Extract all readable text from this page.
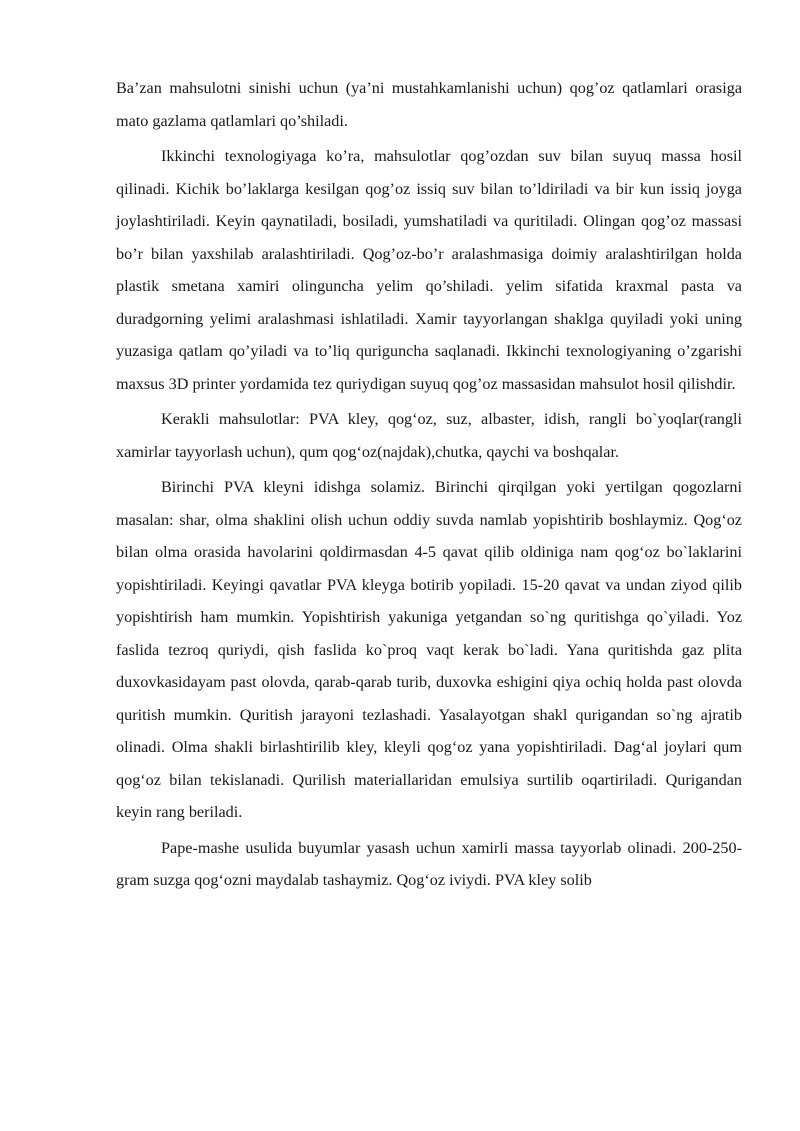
Ba’zan mahsulotni sinishi uchun (ya’ni mustahkamlanishi uchun) qog’oz qatlamlari orasiga mato gazlama qatlamlari qo’shiladi.

Ikkinchi texnologiyaga ko’ra, mahsulotlar qog’ozdan suv bilan suyuq massa hosil qilinadi. Kichik bo’laklarga kesilgan qog’oz issiq suv bilan to’ldiriladi va bir kun issiq joyga joylashtiriladi. Keyin qaynatiladi, bosiladi, yumshatiladi va quritiladi. Olingan qog’oz massasi bo’r bilan yaxshilab aralashtiriladi. Qog’oz-bo’r aralashmasiga doimiy aralashtirilgan holda plastik smetana xamiri olinguncha yelim qo’shiladi. yelim sifatida kraxmal pasta va duradgorning yelimi aralashmasi ishlatiladi. Xamir tayyorlangan shaklga quyiladi yoki uning yuzasiga qatlam qo’yiladi va to’liq qurigunchа saqlanadi. Ikkinchi texnologiyaning o’zgarishi maxsus 3D printer yordamida tez quriydigan suyuq qog’oz massasidan mahsulot hosil qilishdir.

Kerakli mahsulotlar: PVA kley, qog‘oz, suz, albaster, idish, rangli bo`yoqlar(rangli xamirlar tayyorlash uchun), qum qog‘oz(najdak),chutka, qaychi va boshqalar.

Birinchi PVA kleyni idishga solamiz. Birinchi qirqilgan yoki yertilgan qogozlarni masalan: shar, olma shaklini olish uchun oddiy suvda namlab yopishtirib boshlaymiz. Qog‘oz bilan olma orasida havolarini qoldirmasdan 4-5 qavat qilib oldiniga nam qog‘oz bo`laklarini yopishtiriladi. Keyingi qavatlar PVA kleyga botirib yopiladi. 15-20 qavat va undan ziyod qilib yopishtirish ham mumkin. Yopishtirish yakuniga yetgandan so`ng quritishga qo`yiladi. Yoz faslida tezroq quriydi, qish faslida ko`proq vaqt kerak bo`ladi. Yana quritishda gaz plita duxovkasidayam past olovda, qarab-qarab turib, duxovka eshigini qiya ochiq holda past olovda quritish mumkin. Quritish jarayoni tezlashadi. Yasalayotgan shakl qurigandan so`ng ajratib olinadi. Olma shakli birlashtirilib kley, kleyli qog‘oz yana yopishtiriladi. Dag‘al joylari qum qog‘oz bilan tekislanadi. Qurilish materiallaridan emulsiya surtilib oqartiriladi. Qurigandan keyin rang beriladi.

Pape-mashe usulida buyumlar yasash uchun xamirli massa tayyorlab olinadi. 200-250-gram suzga qog‘ozni maydalab tashaymiz. Qog‘oz iviydi. PVA kley solib
